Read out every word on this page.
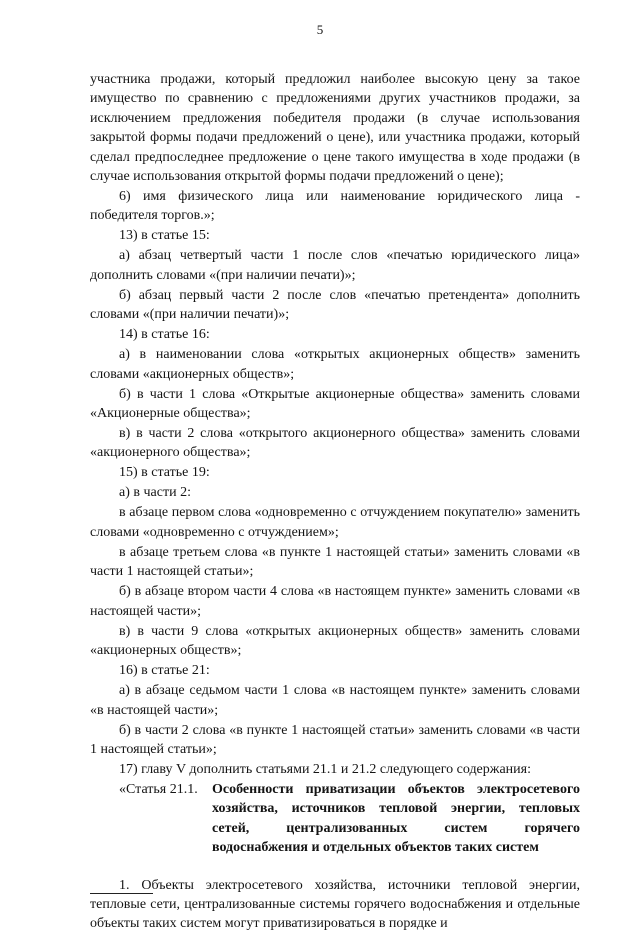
5

участника продажи, который предложил наиболее высокую цену за такое имущество по сравнению с предложениями других участников продажи, за исключением предложения победителя продажи (в случае использования закрытой формы подачи предложений о цене), или участника продажи, который сделал предпоследнее предложение о цене такого имущества в ходе продажи (в случае использования открытой формы подачи предложений о цене);

6) имя физического лица или наименование юридического лица - победителя торгов.»;

13) в статье 15:

а) абзац четвертый части 1 после слов «печатью юридического лица» дополнить словами «(при наличии печати)»;

б) абзац первый части 2 после слов «печатью претендента» дополнить словами «(при наличии печати)»;

14) в статье 16:

а) в наименовании слова «открытых акционерных обществ» заменить словами «акционерных обществ»;

б) в части 1 слова «Открытые акционерные общества» заменить словами «Акционерные общества»;

в) в части 2 слова «открытого акционерного общества» заменить словами «акционерного общества»;

15) в статье 19:

а) в части 2:

в абзаце первом слова «одновременно с отчуждением покупателю» заменить словами «одновременно с отчуждением»;

в абзаце третьем слова «в пункте 1 настоящей статьи» заменить словами «в части 1 настоящей статьи»;

б) в абзаце втором части 4 слова «в настоящем пункте» заменить словами «в настоящей части»;

в) в части 9 слова «открытых акционерных обществ» заменить словами «акционерных обществ»;

16) в статье 21:

а) в абзаце седьмом части 1 слова «в настоящем пункте» заменить словами «в настоящей части»;

б) в части 2 слова «в пункте 1 настоящей статьи» заменить словами «в части 1 настоящей статьи»;

17) главу V дополнить статьями 21.1 и 21.2 следующего содержания:

«Статья 21.1.	Особенности приватизации объектов электросетевого
хозяйства, источников тепловой энергии, тепловых
сетей, централизованных систем горячего
водоснабжения и отдельных объектов таких систем

1. Объекты электросетевого хозяйства, источники тепловой энергии, тепловые сети, централизованные системы горячего водоснабжения и отдельные объекты таких систем могут приватизироваться в порядке и
